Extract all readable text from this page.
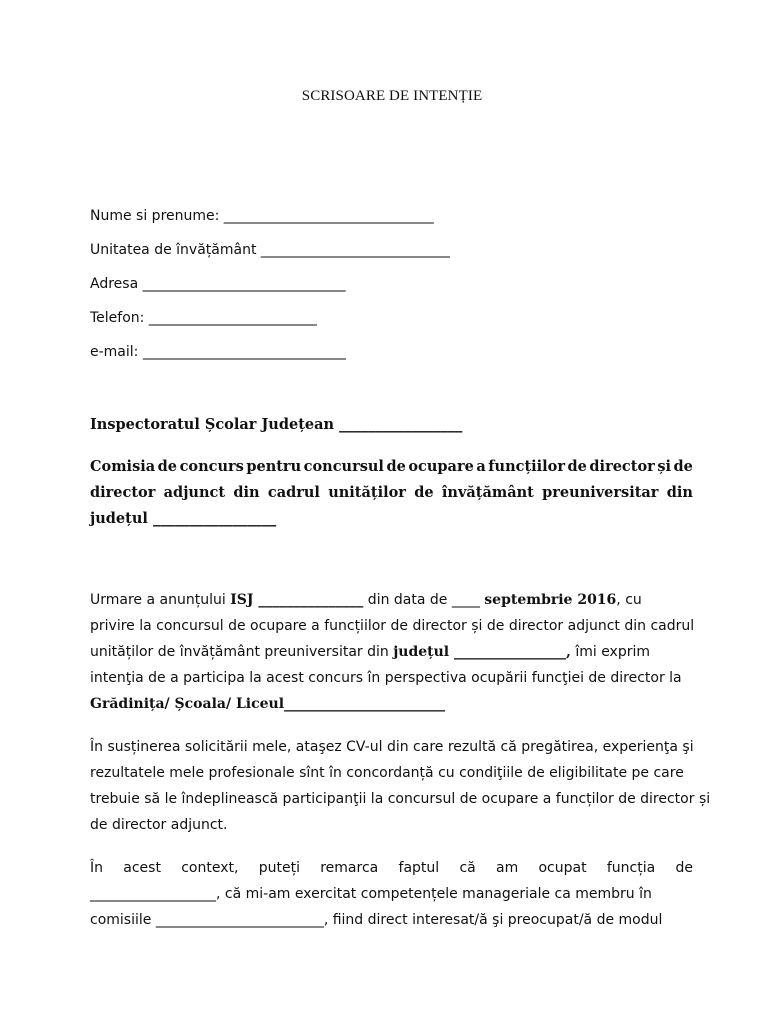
SCRISOARE DE INTENȚIE
Nume si prenume: ______________________________
Unitatea de învățământ ___________________________
Adresa _____________________________
Telefon: ________________________
e-mail: _____________________________
Inspectoratul Școlar Județean _________________
Comisia de concurs pentru concursul de ocupare a funcțiilor de director și de
director adjunct din cadrul unităților de învățământ preuniversitar din
județul _________________
Urmare a anunțului ISJ _______________ din data de ____ septembrie 2016, cu
privire la concursul de ocupare a funcțiilor de director și de director adjunct din cadrul
unităților de învățământ preuniversitar din județul ________________, îmi exprim
intenţia de a participa la acest concurs în perspectiva ocupării funcţiei de director la
Grădinița/ Școala/ Liceul_______________________
În susținerea solicitării mele, ataşez CV-ul din care rezultă că pregătirea, experienţa şi
rezultatele mele profesionale sînt în concordanță cu condiţiile de eligibilitate pe care
trebuie să le îndeplinească participanţii la concursul de ocupare a funcților de director și
de director adjunct.
În acest context, puteți remarca faptul că am ocupat funcția de
__________________, că mi-am exercitat competențele manageriale ca membru în
comisiile ________________________, fiind direct interesat/ă şi preocupat/ă de modul
